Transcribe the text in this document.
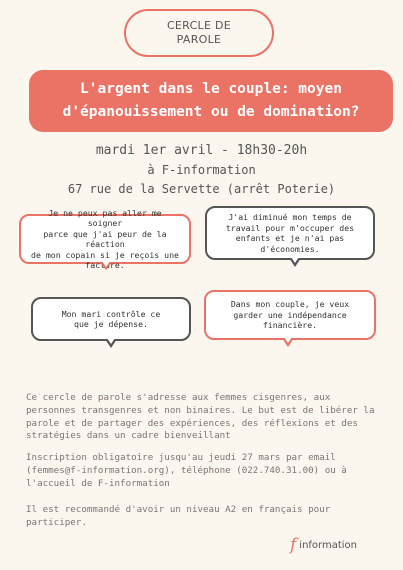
CERCLE DE
PAROLE
L'argent dans le couple: moyen
d'épanouissement ou de domination?
mardi 1er avril - 18h30-20h
à F-information
67 rue de la Servette (arrêt Poterie)
Je ne peux pas aller me soigner
parce que j'ai peur de la réaction
de mon copain si je reçois une
facture.
J'ai diminué mon temps de
travail pour m'occuper des
enfants et je n'ai pas
d'économies.
Mon mari contrôle ce
que je dépense.
Dans mon couple, je veux
garder une indépendance
financière.
Ce cercle de parole s'adresse aux femmes cisgenres, aux
personnes transgenres et non binaires. Le but est de libérer la
parole et de partager des expériences, des réflexions et des
stratégies dans un cadre bienveillant
Inscription obligatoire jusqu'au jeudi 27 mars par email
(femmes@f-information.org), téléphone (022.740.31.00) ou à
l'accueil de F-information
Il est recommandé d'avoir un niveau A2 en français pour
participer.
f information
